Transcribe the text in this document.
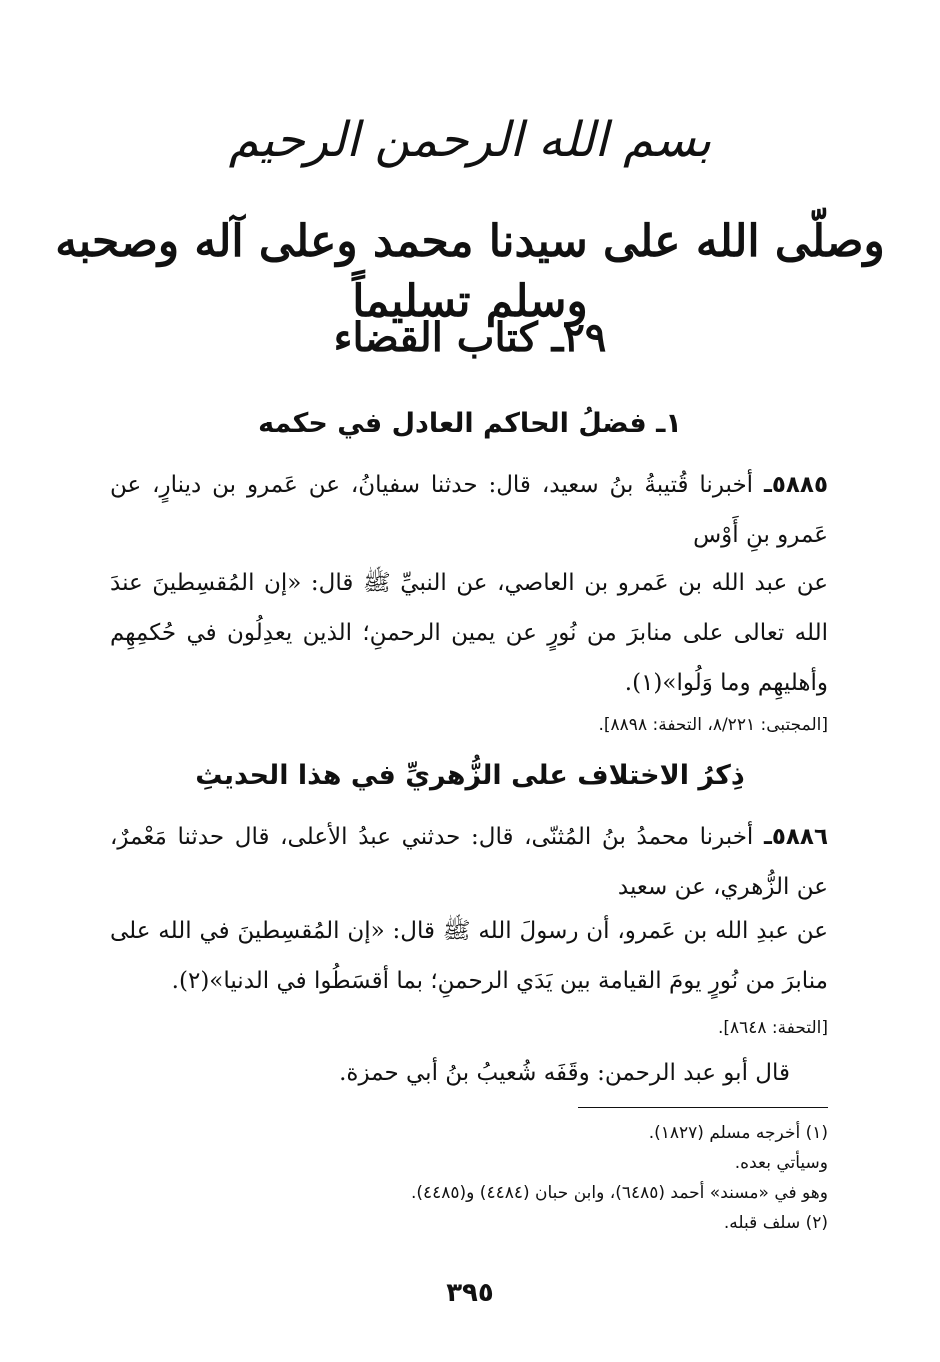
بسم الله الرحمن الرحيم
وصلّى الله على سيدنا محمد وعلى آله وصحبه وسلم تسليماً
٢٩ـ كتاب القضاء
١ـ فضلُ الحاكم العادل في حكمه
٥٨٨٥ـ أخبرنا قُتيبةُ بنُ سعيد، قال: حدثنا سفيانُ، عن عَمرو بن دينارٍ، عن عَمرو بنِ أَوْس
عن عبد الله بن عَمرو بن العاصي، عن النبيِّ ﷺ قال: «إن المُقسِطينَ عندَ الله تعالى على منابرَ من نُورٍ عن يمين الرحمنِ؛ الذين يعدِلُون في حُكمِهِم وأهليهِم وما وَلُوا»(١).
[المجتبى: ٨/٢٢١، التحفة: ٨٨٩٨].
ذِكرُ الاختلاف على الزُّهريِّ في هذا الحديثِ
٥٨٨٦ـ أخبرنا محمدُ بنُ المُثنّى، قال: حدثني عبدُ الأعلى، قال حدثنا مَعْمرٌ، عن الزُّهري، عن سعيد
عن عبدِ الله بن عَمرو، أن رسولَ الله ﷺ قال: «إن المُقسِطينَ في الله على منابرَ من نُورٍ يومَ القيامة بين يَدَي الرحمنِ؛ بما أقسَطُوا في الدنيا»(٢).
[التحفة: ٨٦٤٨].
قال أبو عبد الرحمن: وقَفَه شُعيبُ بنُ أبي حمزة.
(١) أخرجه مسلم (١٨٢٧).
وسيأتي بعده.
وهو في «مسند» أحمد (٦٤٨٥)، وابن حبان (٤٤٨٤) و(٤٤٨٥).
(٢) سلف قبله.
٣٩٥
